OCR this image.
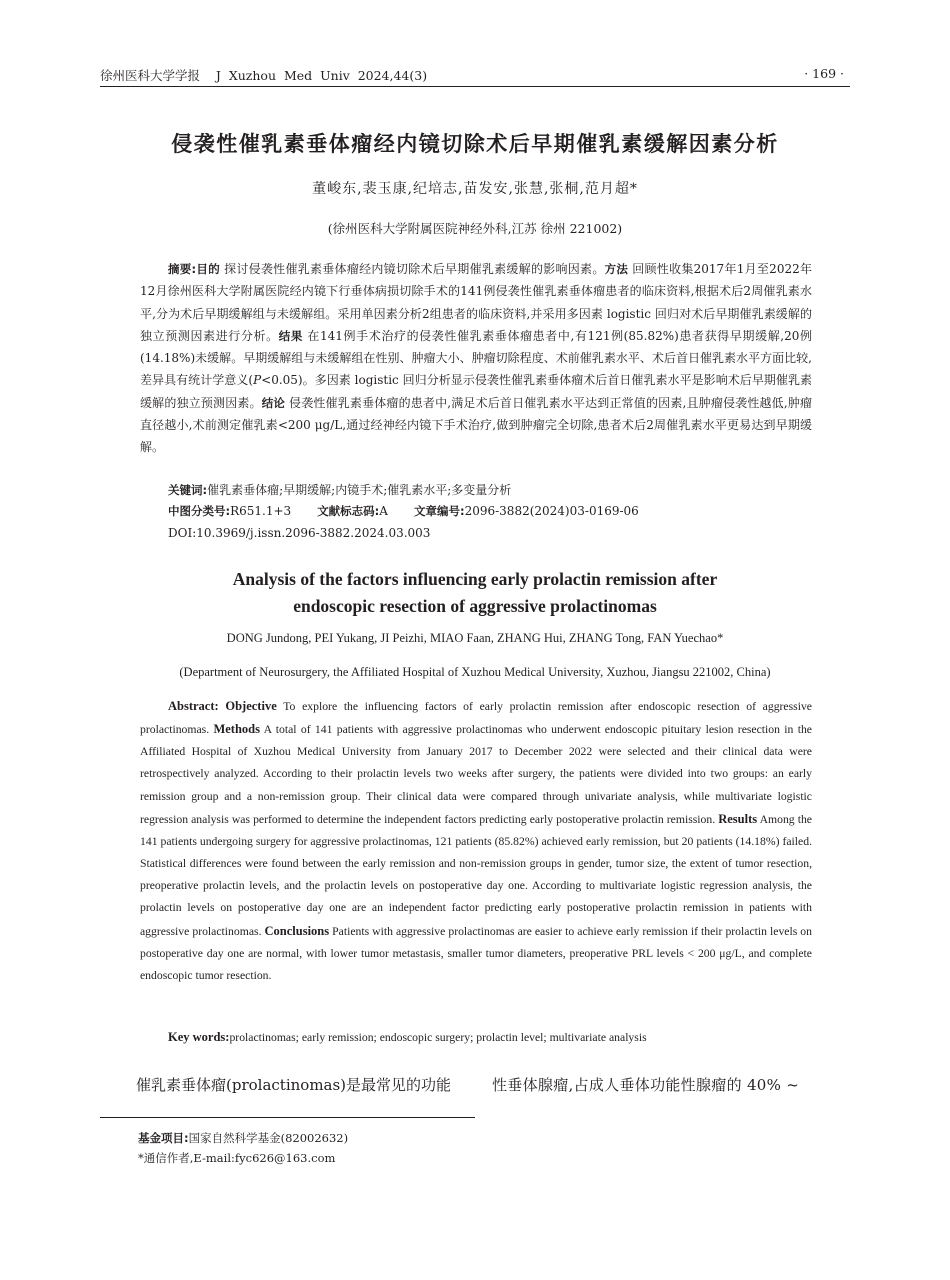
徐州医科大学学报    J  Xuzhou  Med  Univ  2024,44(3)	· 169 ·
侵袭性催乳素垂体瘤经内镜切除术后早期催乳素缓解因素分析
董峻东,裴玉康,纪培志,苗发安,张慧,张桐,范月超*
(徐州医科大学附属医院神经外科,江苏 徐州 221002)

摘要:目的 探讨侵袭性催乳素垂体瘤经内镜切除术后早期催乳素缓解的影响因素。方法 回顾性收集2017年1月至2022年12月徐州医科大学附属医院经内镜下行垂体病损切除手术的141例侵袭性催乳素垂体瘤患者的临床资料,根据术后2周催乳素水平,分为术后早期缓解组与未缓解组。采用单因素分析2组患者的临床资料,并采用多因素 logistic 回归对术后早期催乳素缓解的独立预测因素进行分析。结果 在141例手术治疗的侵袭性催乳素垂体瘤患者中,有121例(85.82%)患者获得早期缓解,20例(14.18%)未缓解。早期缓解组与未缓解组在性别、肿瘤大小、肿瘤切除程度、术前催乳素水平、术后首日催乳素水平方面比较,差异具有统计学意义(P<0.05)。多因素 logistic 回归分析显示侵袭性催乳素垂体瘤术后首日催乳素水平是影响术后早期催乳素缓解的独立预测因素。结论 侵袭性催乳素垂体瘤的患者中,满足术后首日催乳素水平达到正常值的因素,且肿瘤侵袭性越低,肿瘤直径越小,术前测定催乳素<200 μg/L,通过经神经内镜下手术治疗,做到肿瘤完全切除,患者术后2周催乳素水平更易达到早期缓解。

关键词:催乳素垂体瘤;早期缓解;内镜手术;催乳素水平;多变量分析
中图分类号:R651.1+3 文献标志码:A 文章编号:2096-3882(2024)03-0169-06
DOI:10.3969/j.issn.2096-3882.2024.03.003
Analysis of the factors influencing early prolactin remission after
endoscopic resection of aggressive prolactinomas
DONG Jundong, PEI Yukang, JI Peizhi, MIAO Faan, ZHANG Hui, ZHANG Tong, FAN Yuechao*
(Department of Neurosurgery, the Affiliated Hospital of Xuzhou Medical University, Xuzhou, Jiangsu 221002, China)

Abstract: Objective To explore the influencing factors of early prolactin remission after endoscopic resection of aggressive prolactinomas. Methods A total of 141 patients with aggressive prolactinomas who underwent endoscopic pituitary lesion resection in the Affiliated Hospital of Xuzhou Medical University from January 2017 to December 2022 were selected and their clinical data were retrospectively analyzed. According to their prolactin levels two weeks after surgery, the patients were divided into two groups: an early remission group and a non-remission group. Their clinical data were compared through univariate analysis, while multivariate logistic regression analysis was performed to determine the independent factors predicting early postoperative prolactin remission. Results Among the 141 patients undergoing surgery for aggressive prolactinomas, 121 patients (85.82%) achieved early remission, but 20 patients (14.18%) failed. Statistical differences were found between the early remission and non-remission groups in gender, tumor size, the extent of tumor resection, preoperative prolactin levels, and the prolactin levels on postoperative day one. According to multivariate logistic regression analysis, the prolactin levels on postoperative day one are an independent factor predicting early postoperative prolactin remission in patients with aggressive prolactinomas. Conclusions Patients with aggressive prolactinomas are easier to achieve early remission if their prolactin levels on postoperative day one are normal, with lower tumor metastasis, smaller tumor diameters, preoperative PRL levels < 200 μg/L, and complete endoscopic tumor resection.

Key words:prolactinomas; early remission; endoscopic surgery; prolactin level; multivariate analysis
催乳素垂体瘤(prolactinomas)是最常见的功能	性垂体腺瘤,占成人垂体功能性腺瘤的 40% ~
基金项目:国家自然科学基金(82002632)
*通信作者,E-mail:fyc626@163.com
